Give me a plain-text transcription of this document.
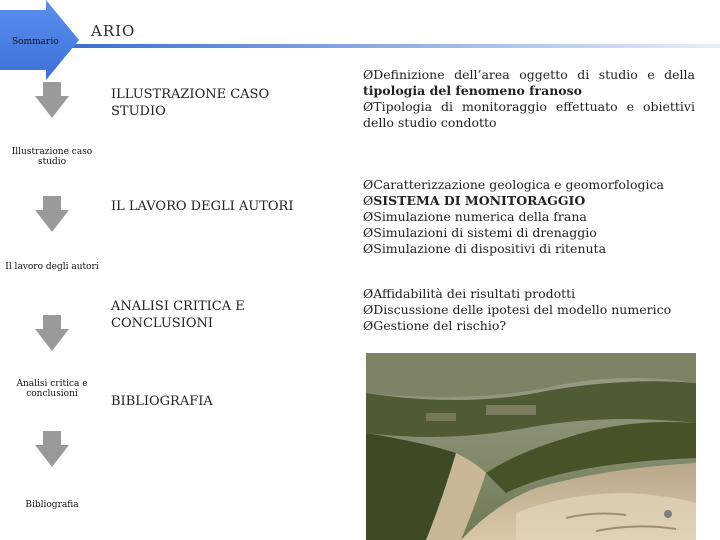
ARIO
Sommario
Illustrazione caso studio
Il lavoro degli autori
Analisi critica e conclusioni
Bibliografia
ILLUSTRAZIONE CASO STUDIO
IL LAVORO DEGLI AUTORI
ANALISI CRITICA E CONCLUSIONI
BIBLIOGRAFIA
ØDefinizione dell’area oggetto di studio e della tipologia del fenomeno franoso
ØTipologia di monitoraggio effettuato e obiettivi dello studio condotto
ØCaratterizzazione geologica e geomorfologica
ØSISTEMA DI MONITORAGGIO
ØSimulazione numerica della frana
ØSimulazioni di sistemi di drenaggio
ØSimulazione di dispositivi di ritenuta
ØAffidabilità dei risultati prodotti
ØDiscussione delle ipotesi del modello numerico
ØGestione del rischio?
